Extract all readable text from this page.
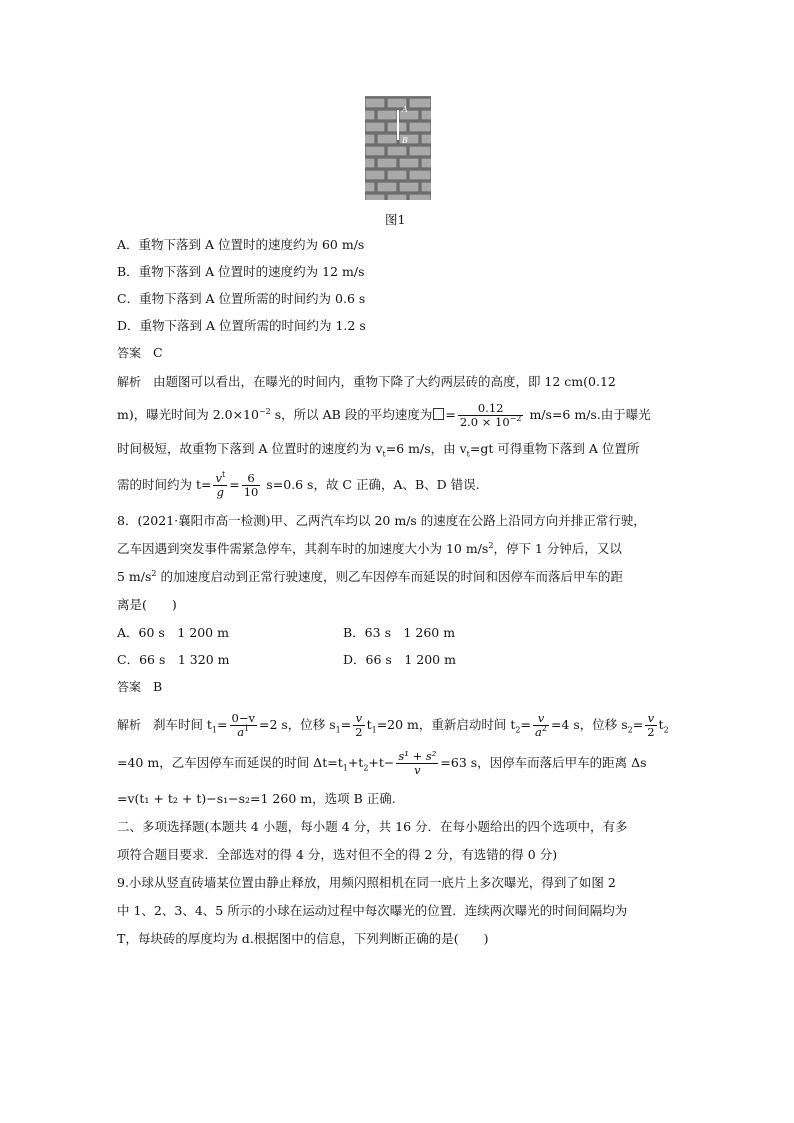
A
B
图1
A．重物下落到 A 位置时的速度约为 60 m/s
B．重物下落到 A 位置时的速度约为 12 m/s
C．重物下落到 A 位置所需的时间约为 0.6 s
D．重物下落到 A 位置所需的时间约为 1.2 s
答案 C
解析 由题图可以看出，在曝光的时间内，重物下降了大约两层砖的高度，即 12 cm(0.12
m)，曝光时间为 $2.0\times 10^{-2}$ s，所以 AB 段的平均速度为 = $\frac{0.12}{2.0 \times 10^{-2}} m/s=6$ m/s.由于曝光
时间极短，故重物下落到 A 位置时的速度约为 $v_t=6$ m/s，由 $v_t=gt$ 可得重物下落到 A 位置所
需的时间约为 $t= \frac{v^t}{g} = \frac{6}{10} s=0.6$ s，故 C 正确，A、B、D 错误.
8．(2021·襄阳市高一检测)甲、乙两汽车均以 20 m/s 的速度在公路上沿同方向并排正常行驶，
乙车因遇到突发事件需紧急停车，其刹车时的加速度大小为 10 $m/s^2$，停下 1 分钟后，又以
5 $m/s^2$ 的加速度启动到正常行驶速度，则乙车因停车而延误的时间和因停车而落后甲车的距
离是(　　)
A．60 s　1 200 m	B．63 s　1 260 m
C．66 s　1 320 m	D．66 s　1 200 m
答案 B
解析 刹车时间 $t_1= \frac{0-v}{a^1} =2$ s，位移 $s_1= \frac{v}{2} t_1=20$ m，重新启动时间 $t_2= \frac{v}{a^2} =4$ s，位移 $s_2= \frac{v}{2} t_2$
=40 m，乙车因停车而延误的时间 $\Delta t=t_1+t_2+t- \frac{\text{s¹ + s²}}{v} =63$ s，因停车而落后甲车的距离 Δs
=v(t₁ + t₂ + t)−s₁−s₂=1 260 m，选项 B 正确.
二、多项选择题(本题共 4 小题，每小题 4 分，共 16 分．在每小题给出的四个选项中，有多
项符合题目要求．全部选对的得 4 分，选对但不全的得 2 分，有选错的得 0 分)
9.小球从竖直砖墙某位置由静止释放，用频闪照相机在同一底片上多次曝光，得到了如图 2
中 1、2、3、4、5 所示的小球在运动过程中每次曝光的位置．连续两次曝光的时间间隔均为
T，每块砖的厚度均为 d.根据图中的信息，下列判断正确的是(　　)
